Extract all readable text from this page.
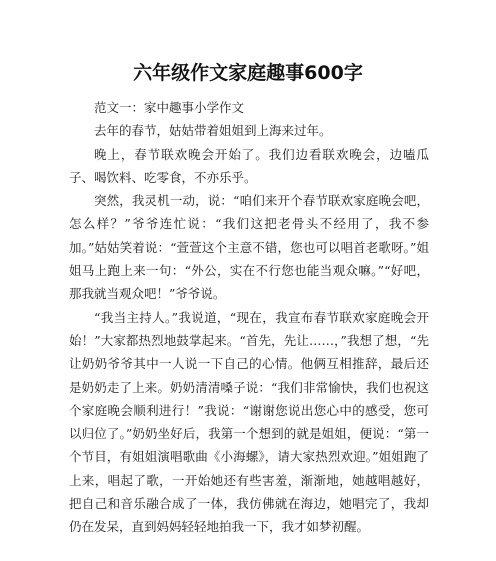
六年级作文家庭趣事600字

范文一：家中趣事小学作文

去年的春节，姑姑带着姐姐到上海来过年。

晚上，春节联欢晚会开始了。我们边看联欢晚会，边嗑瓜子、喝饮料、吃零食，不亦乐乎。

突然，我灵机一动，说：“咱们来开个春节联欢家庭晚会吧，怎么样？”爷爷连忙说：“我们这把老骨头不经用了，我不参加。”姑姑笑着说：“萱萱这个主意不错，您也可以唱首老歌呀。”姐姐马上跑上来一句：“外公，实在不行您也能当观众嘛。”“好吧，那我就当观众吧！”爷爷说。

“我当主持人。”我说道，“现在，我宣布春节联欢家庭晚会开始！”大家都热烈地鼓掌起来。“首先，先让……，”我想了想，“先让奶奶爷爷其中一人说一下自己的心情。他俩互相推辞，最后还是奶奶走了上来。奶奶清清嗓子说：“我们非常愉快，我们也祝这个家庭晚会顺利进行！”我说：“谢谢您说出您心中的感受，您可以归位了。”奶奶坐好后，我第一个想到的就是姐姐，便说：“第一个节目，有姐姐演唱歌曲《小海螺》，请大家热烈欢迎。”姐姐跑了上来，唱起了歌，一开始她还有些害羞，渐渐地，她越唱越好，把自己和音乐融合成了一体，我仿佛就在海边，她唱完了，我却仍在发呆，直到妈妈轻轻地拍我一下，我才如梦初醒。
